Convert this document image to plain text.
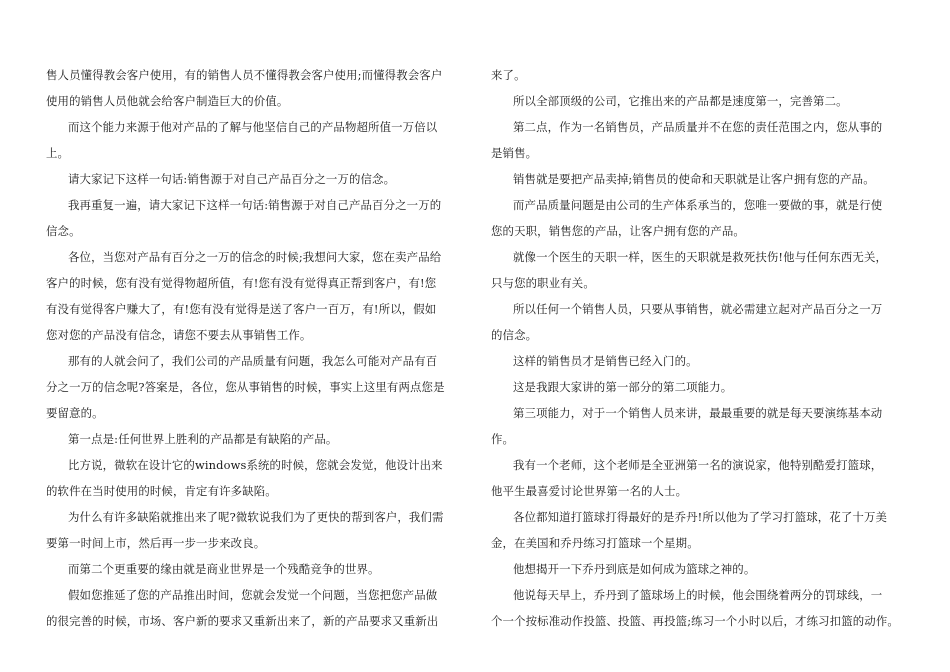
售人员懂得教会客户使用，有的销售人员不懂得教会客户使用;而懂得教会客户
使用的销售人员他就会给客户制造巨大的价值。
而这个能力来源于他对产品的了解与他坚信自己的产品物超所值一万倍以
上。
请大家记下这样一句话:销售源于对自己产品百分之一万的信念。
我再重复一遍，请大家记下这样一句话:销售源于对自己产品百分之一万的
信念。
各位，当您对产品有百分之一万的信念的时候;我想问大家，您在卖产品给
客户的时候，您有没有觉得物超所值，有!您有没有觉得真正帮到客户，有!您
有没有觉得客户赚大了，有!您有没有觉得是送了客户一百万，有!所以，假如
您对您的产品没有信念，请您不要去从事销售工作。
那有的人就会问了，我们公司的产品质量有问题，我怎么可能对产品有百
分之一万的信念呢?答案是，各位，您从事销售的时候，事实上这里有两点您是
要留意的。
第一点是:任何世界上胜利的产品都是有缺陷的产品。
比方说，微软在设计它的windows系统的时候，您就会发觉，他设计出来
的软件在当时使用的时候，肯定有许多缺陷。
为什么有许多缺陷就推出来了呢?微软说我们为了更快的帮到客户，我们需
要第一时间上市，然后再一步一步来改良。
而第二个更重要的缘由就是商业世界是一个残酷竞争的世界。
假如您推延了您的产品推出时间，您就会发觉一个问题，当您把您产品做
的很完善的时候，市场、客户新的要求又重新出来了，新的产品要求又重新出
来了。
所以全部顶级的公司，它推出来的产品都是速度第一，完善第二。
第二点，作为一名销售员，产品质量并不在您的责任范围之内，您从事的
是销售。
销售就是要把产品卖掉;销售员的使命和天职就是让客户拥有您的产品。
而产品质量问题是由公司的生产体系承当的，您唯一要做的事，就是行使
您的天职，销售您的产品，让客户拥有您的产品。
就像一个医生的天职一样，医生的天职就是救死扶伤!他与任何东西无关，
只与您的职业有关。
所以任何一个销售人员，只要从事销售，就必需建立起对产品百分之一万
的信念。
这样的销售员才是销售已经入门的。
这是我跟大家讲的第一部分的第二项能力。
第三项能力，对于一个销售人员来讲，最最重要的就是每天要演练基本动
作。
我有一个老师，这个老师是全亚洲第一名的演说家，他特别酷爱打篮球，
他平生最喜爱讨论世界第一名的人士。
各位都知道打篮球打得最好的是乔丹!所以他为了学习打篮球，花了十万美
金，在美国和乔丹练习打篮球一个星期。
他想揭开一下乔丹到底是如何成为篮球之神的。
他说每天早上，乔丹到了篮球场上的时候，他会围绕着两分的罚球线，一
个一个按标准动作投篮、投篮、再投篮;练习一个小时以后，才练习扣篮的动作。
